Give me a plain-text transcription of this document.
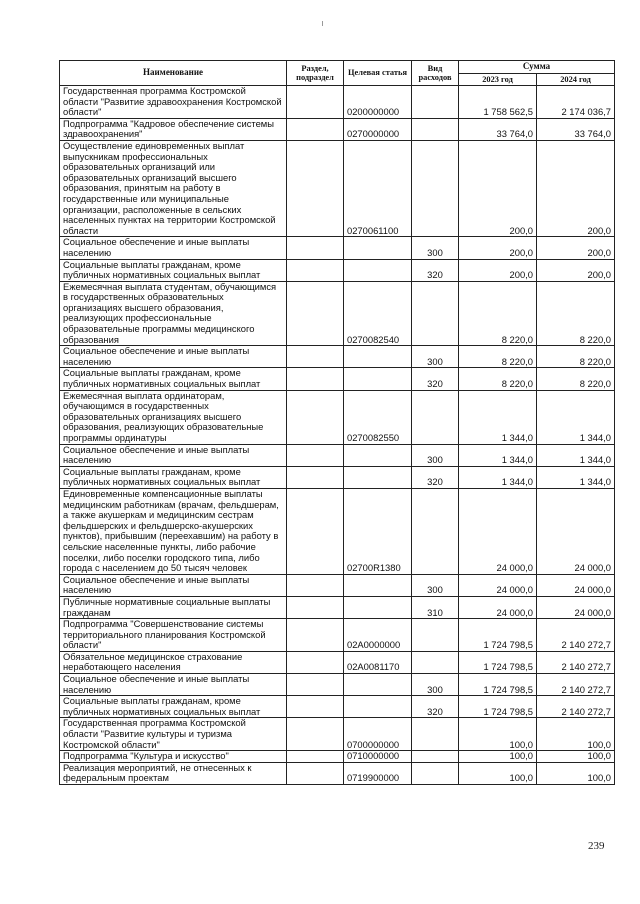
Наименование	Раздел, подраздел	Целевая статья	Вид расходов	Сумма	
				2023 год	2024 год
Государственная программа Костромской области "Развитие здравоохранения Костромской области"		0200000000		1 758 562,5	2 174 036,7
Подпрограмма "Кадровое обеспечение системы здравоохранения"		0270000000		33 764,0	33 764,0
Осуществление единовременных выплат выпускникам профессиональных образовательных организаций или образовательных организаций высшего образования, принятым на работу в государственные или муниципальные организации, расположенные в сельских населенных пунктах на территории Костромской области		0270061100		200,0	200,0
Социальное обеспечение и иные выплаты населению			300	200,0	200,0
Социальные выплаты гражданам, кроме публичных нормативных социальных выплат			320	200,0	200,0
Ежемесячная выплата студентам, обучающимся в государственных образовательных организациях высшего образования, реализующих профессиональные образовательные программы медицинского образования		0270082540		8 220,0	8 220,0
Социальное обеспечение и иные выплаты населению			300	8 220,0	8 220,0
Социальные выплаты гражданам, кроме публичных нормативных социальных выплат			320	8 220,0	8 220,0
Ежемесячная выплата ординаторам, обучающимся в государственных образовательных организациях высшего образования, реализующих образовательные программы ординатуры		0270082550		1 344,0	1 344,0
Социальное обеспечение и иные выплаты населению			300	1 344,0	1 344,0
Социальные выплаты гражданам, кроме публичных нормативных социальных выплат			320	1 344,0	1 344,0
Единовременные компенсационные выплаты медицинским работникам (врачам, фельдшерам, а также акушеркам и медицинским сестрам фельдшерских и фельдшерско-акушерских пунктов), прибывшим (переехавшим) на работу в сельские населенные пункты, либо рабочие поселки, либо поселки городского типа, либо города с населением до 50 тысяч человек		02700R1380		24 000,0	24 000,0
Социальное обеспечение и иные выплаты населению			300	24 000,0	24 000,0
Публичные нормативные социальные выплаты гражданам			310	24 000,0	24 000,0
Подпрограмма "Совершенствование системы территориального планирования Костромской области"		02А0000000		1 724 798,5	2 140 272,7
Обязательное медицинское страхование неработающего населения		02А0081170		1 724 798,5	2 140 272,7
Социальное обеспечение и иные выплаты населению			300	1 724 798,5	2 140 272,7
Социальные выплаты гражданам, кроме публичных нормативных социальных выплат			320	1 724 798,5	2 140 272,7
Государственная программа Костромской области "Развитие культуры и туризма Костромской области"		0700000000		100,0	100,0
Подпрограмма "Культура и искусство"		0710000000		100,0	100,0
Реализация мероприятий, не отнесенных к федеральным проектам		0719900000		100,0	100,0
239
